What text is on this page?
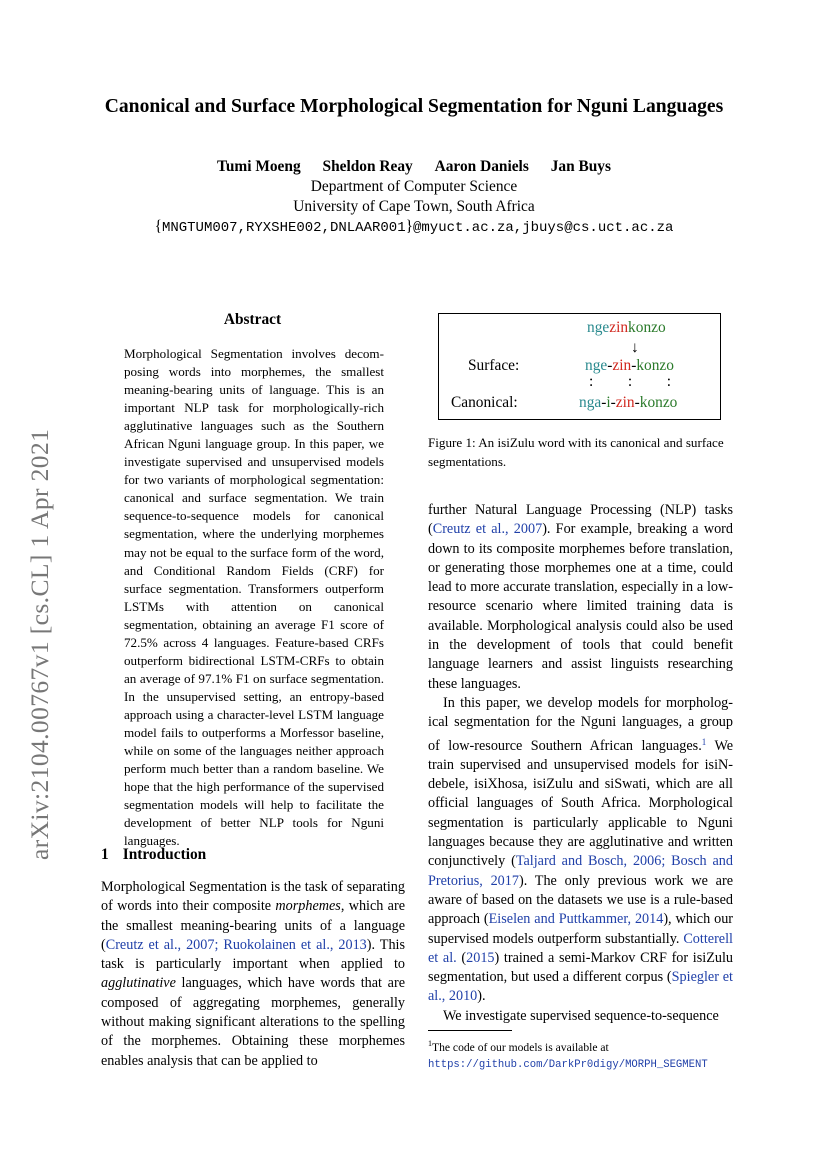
Canonical and Surface Morphological Segmentation for Nguni Languages
Tumi Moeng Sheldon Reay Aaron Daniels Jan Buys
Department of Computer Science
University of Cape Town, South Africa
{MNGTUM007,RYXSHE002,DNLAAR001}@myuct.ac.za,jbuys@cs.uct.ac.za
arXiv:2104.00767v1 [cs.CL] 1 Apr 2021
Abstract
Morphological Segmentation involves decomposing words into morphemes, the smallest meaning-bearing units of language. This is an important NLP task for morphologically-rich agglutinative languages such as the Southern African Nguni language group. In this paper, we investigate supervised and unsupervised models for two variants of morphological segmentation: canonical and surface segmentation. We train sequence-to-sequence models for canonical segmentation, where the underlying morphemes may not be equal to the surface form of the word, and Conditional Random Fields (CRF) for surface segmentation. Transformers outperform LSTMs with attention on canonical segmentation, obtaining an average F1 score of 72.5% across 4 languages. Feature-based CRFs outperform bidirectional LSTM-CRFs to obtain an average of 97.1% F1 on surface segmentation. In the unsupervised setting, an entropy-based approach using a character-level LSTM language model fails to outperforms a Morfessor baseline, while on some of the languages neither approach perform much better than a random baseline. We hope that the high performance of the supervised segmentation models will help to facilitate the development of better NLP tools for Nguni languages.
1 Introduction

Morphological Segmentation is the task of separating of words into their composite morphemes, which are the smallest meaning-bearing units of a language (Creutz et al., 2007; Ruokolainen et al., 2013). This task is particularly important when applied to agglutinative languages, which have words that are composed of aggregating morphemes, generally without making significant alterations to the spelling of the morphemes. Obtaining these morphemes enables analysis that can be applied to

ngezinkonzo
↓
Surface:	nge-zin-konzo
:         :         :
Canonical:	nga-i-zin-konzo
Figure 1: An isiZulu word with its canonical and surface segmentations.

further Natural Language Processing (NLP) tasks (Creutz et al., 2007). For example, breaking a word down to its composite morphemes before translation, or generating those morphemes one at a time, could lead to more accurate translation, especially in a low-resource scenario where limited training data is available. Morphological analysis could also be used in the development of tools that could benefit language learners and assist linguists researching these languages.

In this paper, we develop models for morphological segmentation for the Nguni languages, a group of low-resource Southern African languages.$^1$ We train supervised and unsupervised models for isiNdebele, isiXhosa, isiZulu and siSwati, which are all official languages of South Africa. Morphological segmentation is particularly applicable to Nguni languages because they are agglutinative and written conjunctively (Taljard and Bosch, 2006; Bosch and Pretorius, 2017). The only previous work we are aware of based on the datasets we use is a rule-based approach (Eiselen and Puttkammer, 2014), which our supervised models outperform substantially. Cotterell et al. (2015) trained a semi-Markov CRF for isiZulu segmentation, but used a different corpus (Spiegler et al., 2010).

We investigate supervised sequence-to-sequence

$^1$The code of our models is available at https://github.com/DarkPr0digy/MORPH_SEGMENT
